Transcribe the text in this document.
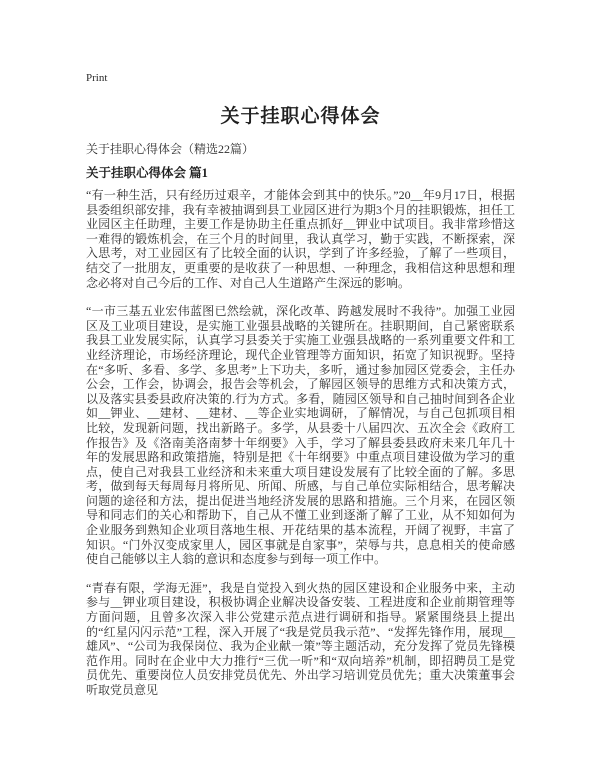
Print
关于挂职心得体会
关于挂职心得体会（精选22篇）
关于挂职心得体会 篇1

“有一种生活，只有经历过艰辛，才能体会到其中的快乐。”20__年9月17日，根据县委组织部安排，我有幸被抽调到县工业园区进行为期3个月的挂职锻炼，担任工业园区主任助理，主要工作是协助主任重点抓好__钾业中试项目。我非常珍惜这一难得的锻炼机会，在三个月的时间里，我认真学习，勤于实践，不断探索，深入思考，对工业园区有了比较全面的认识，学到了许多经验，了解了一些项目，结交了一批朋友，更重要的是收获了一种思想、一种理念，我相信这种思想和理念必将对自己今后的工作、对自己人生道路产生深远的影响。

“一市三基五业宏伟蓝图已然绘就，深化改革、跨越发展时不我待”。加强工业园区及工业项目建设，是实施工业强县战略的关键所在。挂职期间，自己紧密联系我县工业发展实际，认真学习县委关于实施工业强县战略的一系列重要文件和工业经济理论，市场经济理论，现代企业管理等方面知识，拓宽了知识视野。坚持在“多听、多看、多学、多思考”上下功夫，多听，通过参加园区党委会，主任办公会，工作会，协调会，报告会等机会，了解园区领导的思维方式和决策方式，以及落实县委县政府决策的.行为方式。多看，随园区领导和自己抽时间到各企业如__钾业、__建材、__建材、__等企业实地调研，了解情况，与自己包抓项目相比较，发现新问题，找出新路子。多学，从县委十八届四次、五次全会《政府工作报告》及《洛南美洛南梦十年纲要》入手，学习了解县委县政府未来几年几十年的发展思路和政策措施，特别是把《十年纲要》中重点项目建设做为学习的重点，使自己对我县工业经济和未来重大项目建设发展有了比较全面的了解。多思考，做到每天每周每月将所见、所闻、所感，与自己单位实际相结合，思考解决问题的途径和方法，提出促进当地经济发展的思路和措施。三个月来，在园区领导和同志们的关心和帮助下，自己从不懂工业到逐渐了解了工业，从不知如何为企业服务到熟知企业项目落地生根、开花结果的基本流程，开阔了视野，丰富了知识。“门外汉变成家里人，园区事就是自家事”，荣辱与共，息息相关的使命感使自己能够以主人翁的意识和态度参与到每一项工作中。

“青春有限，学海无涯”，我是自觉投入到火热的园区建设和企业服务中来，主动参与__钾业项目建设，积极协调企业解决设备安装、工程进度和企业前期管理等方面问题，且曾多次深入非公党建示范点进行调研和指导。紧紧围绕县上提出的“红星闪闪示范”工程，深入开展了“我是党员我示范”、“发挥先锋作用，展现__雄风”、“公司为我保岗位、我为企业献一策”等主题活动，充分发挥了党员先锋模范作用。同时在企业中大力推行“三优一听”和“双向培养”机制，即招聘员工是党员优先、重要岗位人员安排党员优先、外出学习培训党员优先；重大决策董事会听取党员意见
